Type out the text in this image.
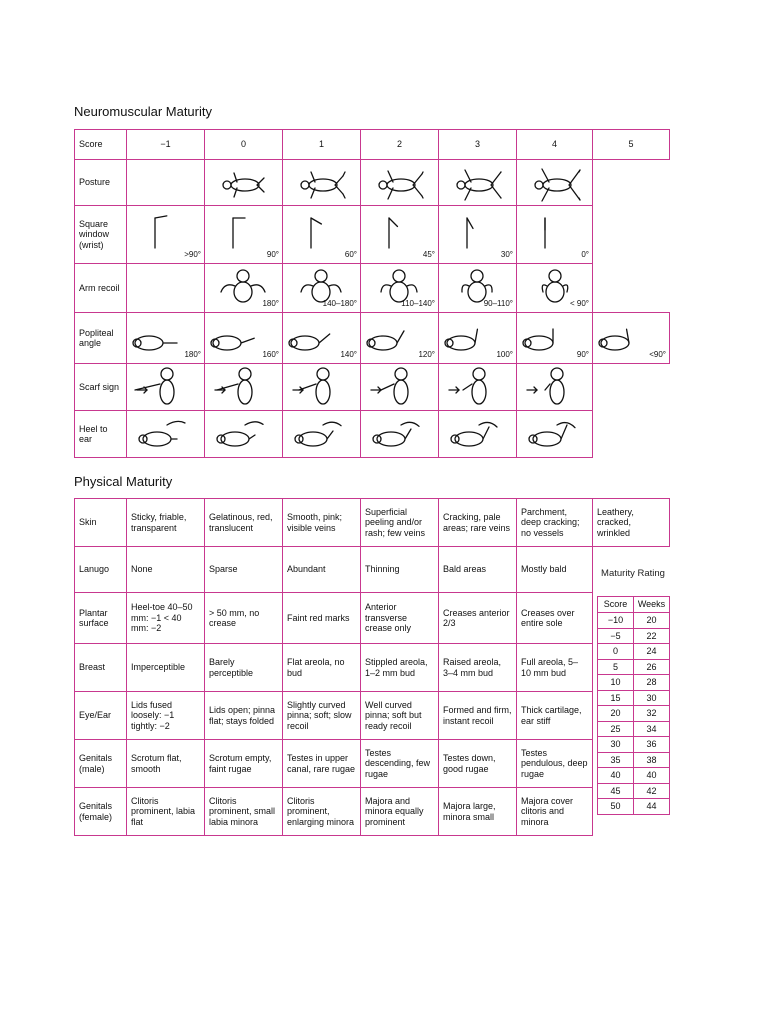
Neuromuscular Maturity
Score	−1	0	1	2	3	4	5
Posture		

Square window (wrist)	>90°	90°	60°	45°	30°	0°	

Arm recoil		180°	140–180°	110–140°	90–110°	< 90°	

Popliteal angle	180°	160°	140°	120°	100°	90°	<90°

Scarf sign	

Heel to ear	

Physical Maturity
Skin	Sticky, friable, transparent	Gelatinous, red, translucent	Smooth, pink; visible veins	Superficial peeling and/or rash; few veins	Cracking, pale areas; rare veins	Parchment, deep cracking; no vessels	Leathery, cracked, wrinkled
Lanugo	None	Sparse	Abundant	Thinning	Bald areas	Mostly bald	
Plantar surface	Heel-toe 40–50 mm: −1 < 40 mm: −2	> 50 mm, no crease	Faint red marks	Anterior transverse crease only	Creases anterior 2/3	Creases over entire sole	
Breast	Imperceptible	Barely perceptible	Flat areola, no bud	Stippled areola, 1–2 mm bud	Raised areola, 3–4 mm bud	Full areola, 5–10 mm bud	
Eye/Ear	Lids fused loosely: −1 tightly: −2	Lids open; pinna flat; stays folded	Slightly curved pinna; soft; slow recoil	Well curved pinna; soft but ready recoil	Formed and firm, instant recoil	Thick cartilage, ear stiff	
Genitals (male)	Scrotum flat, smooth	Scrotum empty, faint rugae	Testes in upper canal, rare rugae	Testes descending, few rugae	Testes down, good rugae	Testes pendulous, deep rugae	
Genitals (female)	Clitoris prominent, labia flat	Clitoris prominent, small labia minora	Clitoris prominent, enlarging minora	Majora and minora equally prominent	Majora large, minora small	Majora cover clitoris and minora	
Maturity Rating
Score	Weeks
−10	20
−5	22
0	24
5	26
10	28
15	30
20	32
25	34
30	36
35	38
40	40
45	42
50	44
